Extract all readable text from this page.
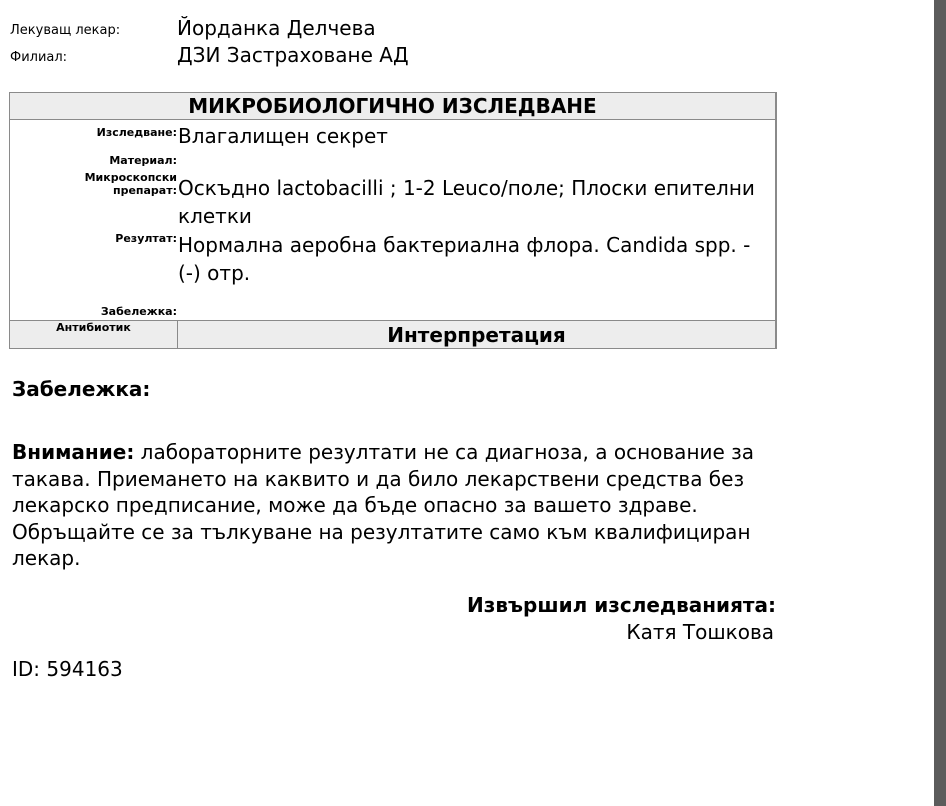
Лекуващ лекар:	Йорданка Делчева
Филиал:	ДЗИ Застраховане АД
МИКРОБИОЛОГИЧНО ИЗСЛЕДВАНЕ
Изследване: Влагалищен секрет
Материал:
Микроскопски
препарат: Оскъдно lactobacilli ; 1-2 Leuco/поле; Плоски епителни клетки
Резултат: Нормална аеробна бактериална флора. Candida spp. - (-) отр.
Забележка:
Антибиотик	Интерпретация
Забележка:
Внимание: лабораторните резултати не са диагноза, а основание за такава. Приемането на каквито и да било лекарствени средства без лекарско предписание, може да бъде опасно за вашето здраве. Обръщайте се за тълкуване на резултатите само към квалифициран лекар.
Извършил изследванията:
Катя Тошкова
ID: 594163
